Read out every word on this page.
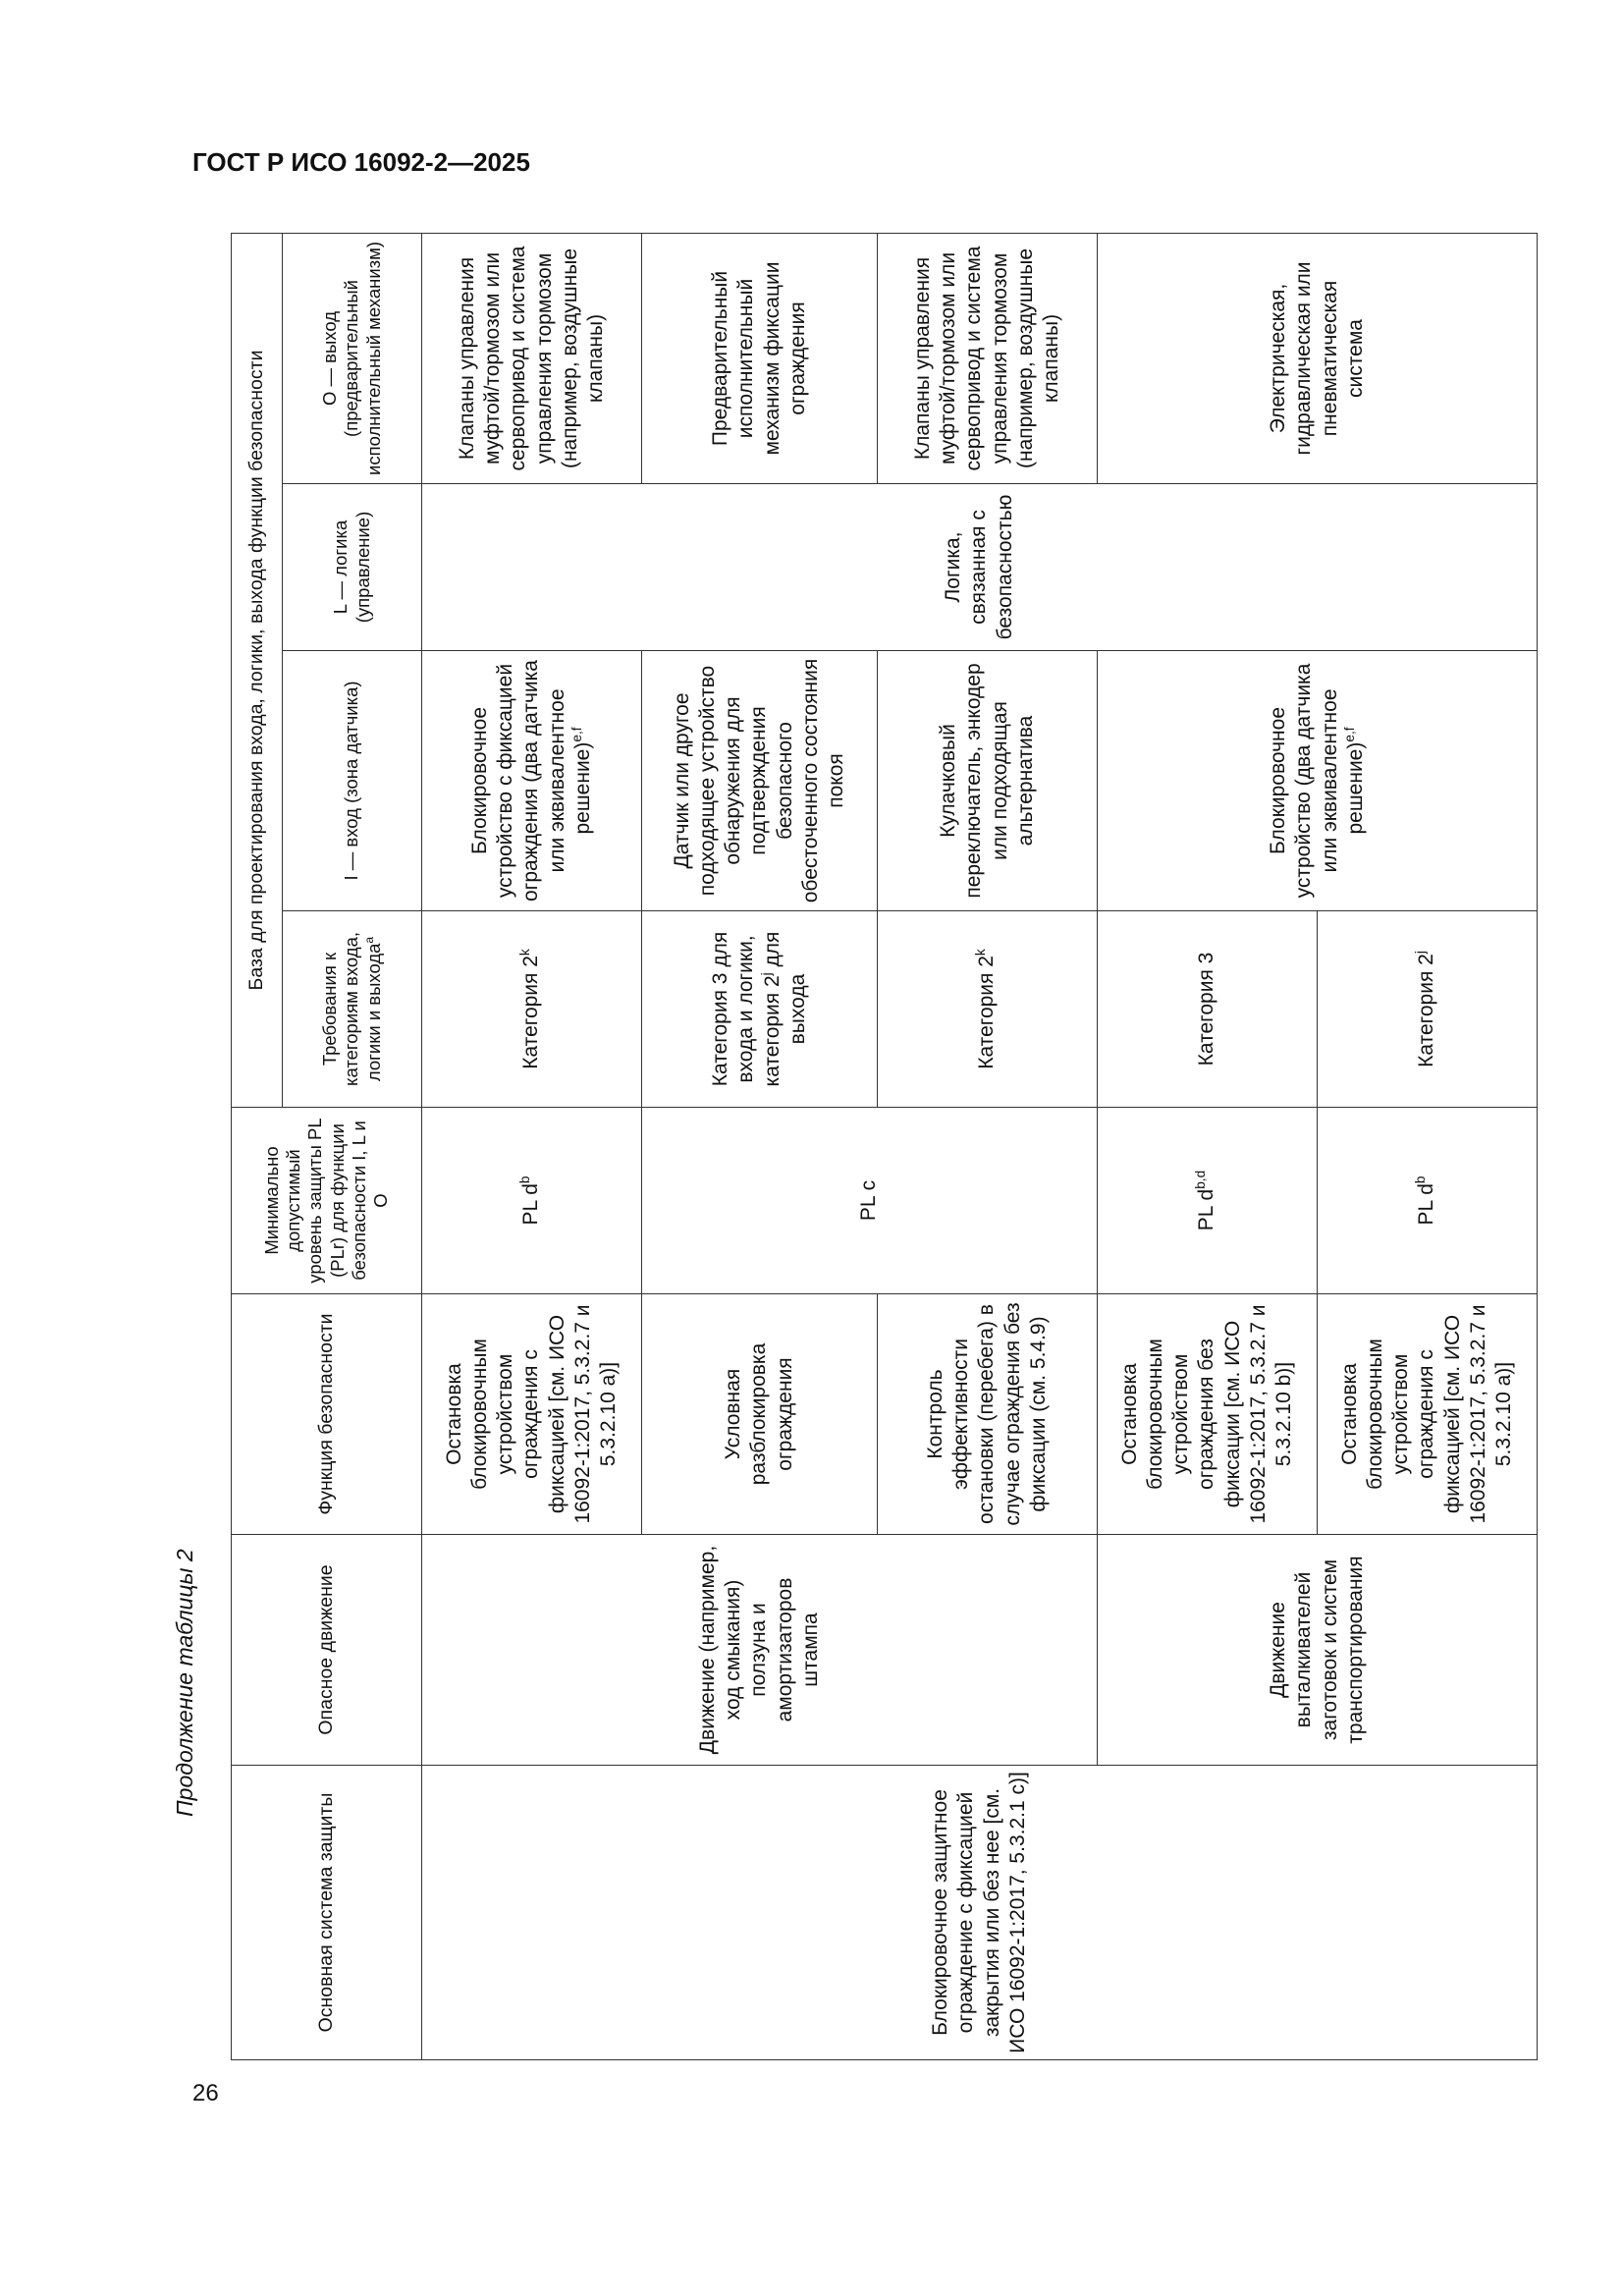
ГОСТ Р ИСО 16092-2—2025
Продолжение таблицы 2
26
Основная система защиты	Опасное движение	Функция безопасности	Минимально допустимый уровень защиты PL (PLr) для функции безопасности I, L и O	База для проектирования входа, логики, выхода функции безопасности			
				Требования к категориям входа, логики и выхода$^a$	I — вход (зона датчика)	L — логика (управление)	O — выход (предварительный исполнительный механизм)
Блокировочное защитное ограждение с фиксацией закрытия или без нее [см. ИСО 16092-1:2017, 5.3.2.1 c)]	Движение (например, ход смыкания) ползуна и амортизаторов штампа	Остановка блокировочным устройством ограждения с фиксацией [см. ИСО 16092-1:2017, 5.3.2.7 и 5.3.2.10 a)]	PL $d^b$	Категория 2$^k$	Блокировочное устройство с фиксацией ограждения (два датчика или эквивалентное решение)$^{e,f}$	Логика, связанная с безопасностью	Клапаны управления муфтой/тормозом или сервопривод и система управления тормозом (например, воздушные клапаны)
		Условная разблокировка ограждения	PL c	Категория 3 для входа и логики, категория 2$^j$ для выхода	Датчик или другое подходящее устройство обнаружения для подтверждения безопасного обесточенного состояния покоя		Предварительный исполнительный механизм фиксации ограждения
		Контроль эффективности остановки (перебега) в случае ограждения без фиксации (см. 5.4.9)		Категория 2$^k$	Кулачковый переключатель, энкодер или подходящая альтернатива		Клапаны управления муфтой/тормозом или сервопривод и система управления тормозом (например, воздушные клапаны)
	Движение выталкивателей заготовок и систем транспортирования	Остановка блокировочным устройством ограждения без фиксации [см. ИСО 16092-1:2017, 5.3.2.7 и 5.3.2.10 b)]	PL $d^{b,d}$	Категория 3	Блокировочное устройство (два датчика или эквивалентное решение)$^{e,f}$		Электрическая, гидравлическая или пневматическая система
		Остановка блокировочным устройством ограждения с фиксацией [см. ИСО 16092-1:2017, 5.3.2.7 и 5.3.2.10 a)]	PL $d^b$	Категория 2$^j$
